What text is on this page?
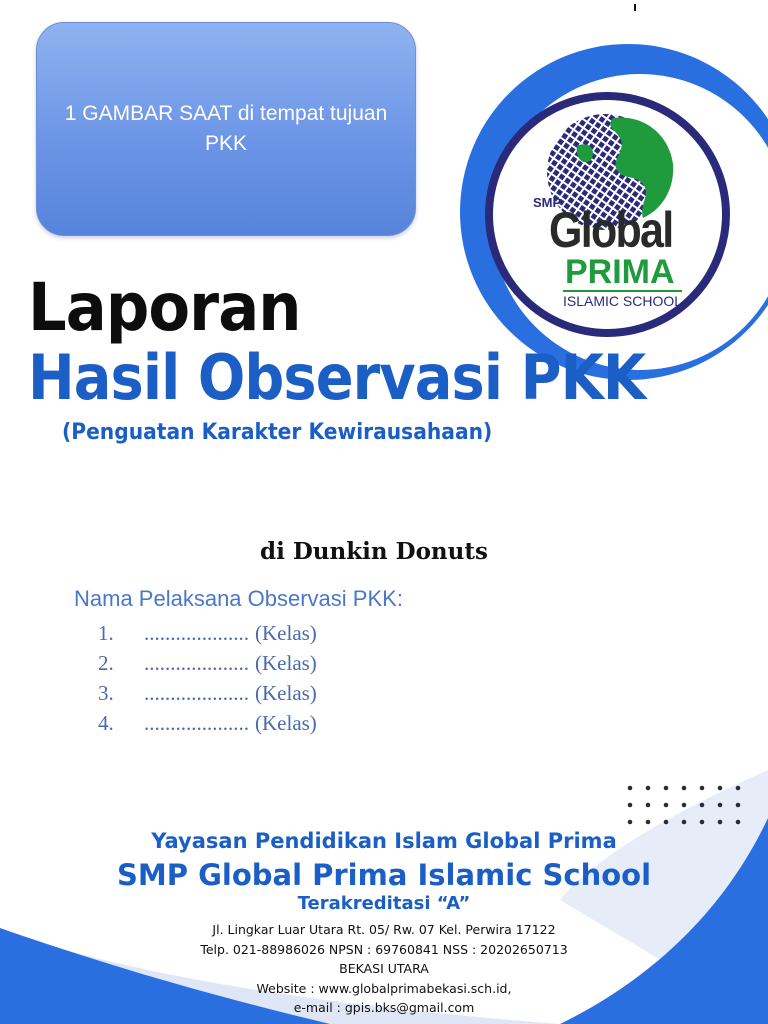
1 GAMBAR SAAT di tempat tujuan PKK
SMP
Global
PRIMA
ISLAMIC SCHOOL
Laporan
Hasil Observasi PKK
(Penguatan Karakter Kewirausahaan)
di Dunkin Donuts
Nama Pelaksana Observasi PKK:
1.	.................... (Kelas)
2.	.................... (Kelas)
3.	.................... (Kelas)
4.	.................... (Kelas)
Yayasan Pendidikan Islam Global Prima
SMP Global Prima Islamic School
Terakreditasi “A”
Jl. Lingkar Luar Utara Rt. 05/ Rw. 07 Kel. Perwira 17122
Telp. 021-88986026 NPSN : 69760841 NSS : 20202650713
BEKASI UTARA
Website : www.globalprimabekasi.sch.id,
e-mail : gpis.bks@gmail.com
